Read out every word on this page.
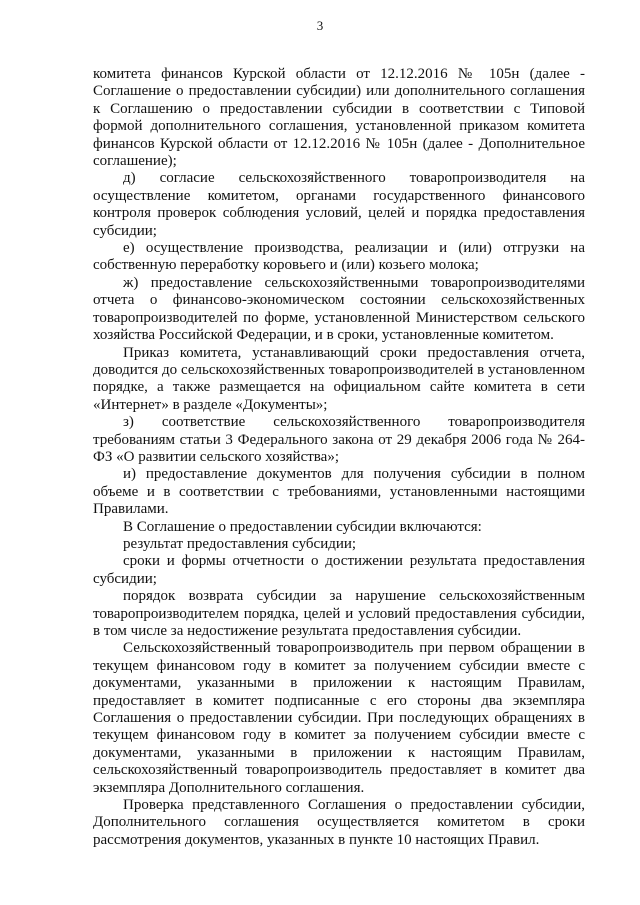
3

комитета финансов Курской области от 12.12.2016 № 105н (далее - Соглашение о предоставлении субсидии) или дополнительного соглашения к Соглашению о предоставлении субсидии в соответствии с Типовой формой дополнительного соглашения, установленной приказом комитета финансов Курской области от 12.12.2016 № 105н (далее - Дополнительное соглашение);

д) согласие сельскохозяйственного товаропроизводителя на осуществление комитетом, органами государственного финансового контроля проверок соблюдения условий, целей и порядка предоставления субсидии;

е) осуществление производства, реализации и (или) отгрузки на собственную переработку коровьего и (или) козьего молока;

ж) предоставление сельскохозяйственными товаропроизводителями отчета о финансово-экономическом состоянии сельскохозяйственных товаропроизводителей по форме, установленной Министерством сельского хозяйства Российской Федерации, и в сроки, установленные комитетом.

Приказ комитета, устанавливающий сроки предоставления отчета, доводится до сельскохозяйственных товаропроизводителей в установленном порядке, а также размещается на официальном сайте комитета в сети «Интернет» в разделе «Документы»;

з) соответствие сельскохозяйственного товаропроизводителя требованиям статьи 3 Федерального закона от 29 декабря 2006 года № 264-ФЗ «О развитии сельского хозяйства»;

и) предоставление документов для получения субсидии в полном объеме и в соответствии с требованиями, установленными настоящими Правилами.

В Соглашение о предоставлении субсидии включаются:

результат предоставления субсидии;

сроки и формы отчетности о достижении результата предоставления субсидии;

порядок возврата субсидии за нарушение сельскохозяйственным товаропроизводителем порядка, целей и условий предоставления субсидии, в том числе за недостижение результата предоставления субсидии.

Сельскохозяйственный товаропроизводитель при первом обращении в текущем финансовом году в комитет за получением субсидии вместе с документами, указанными в приложении к настоящим Правилам, предоставляет в комитет подписанные с его стороны два экземпляра Соглашения о предоставлении субсидии. При последующих обращениях в текущем финансовом году в комитет за получением субсидии вместе с документами, указанными в приложении к настоящим Правилам, сельскохозяйственный товаропроизводитель предоставляет в комитет два экземпляра Дополнительного соглашения.

Проверка представленного Соглашения о предоставлении субсидии, Дополнительного соглашения осуществляется комитетом в сроки рассмотрения документов, указанных в пункте 10 настоящих Правил.
